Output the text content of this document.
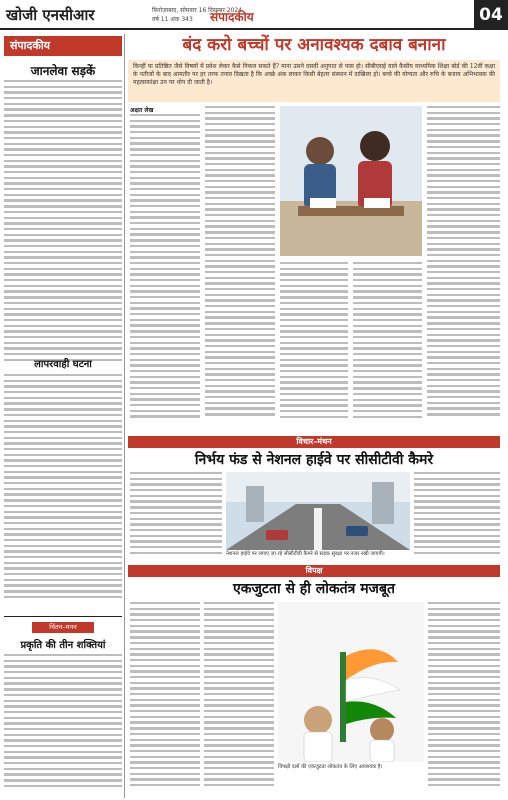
खोजी एनसीआर	फिरोज़ाबाद, सोमवार 16 दिसम्बर 2024
वर्ष 11 अंक 343	संपादकीय	04
संपादकीय
जानलेवा सड़कें
लापरवाही घटना
चिंतन–मनन
प्रकृति की तीन शक्तियां
बंद करो बच्चों पर अनावश्यक दबाव बनाना
किन्हीं या प्रतिष्ठित जैसे विषयों में प्रवेश लेकर कैसे निकल सकते हैं? माना उसने दसवीं अनुपात से पास हो। सीबीएसई वाले कैसीय माध्यमिक शिक्षा बोर्ड की 12वीं कक्षा के नतीजों के बाद आमतौर पर हर तरफ तनाव दिखता है कि अच्छे अंक लाकर किसी बेहतर संस्थान में दाखिला हो। बच्चे की योग्यता और रुचि के बजाय अभिभावक की महत्वाकांक्षा उन पर थोप दी जाती है।
अक्षत लेख
विचार–मंथन
निर्भय फंड से नेशनल हाईवे पर सीसीटीवी कैमरे
नेशनल हाईवे पर लगाए जा रहे सीसीटीवी कैमरे से सड़क सुरक्षा पर नजर रखी जाएगी।
विपक्ष
एकजुटता से ही लोकतंत्र मजबूत
विपक्षी दलों की एकजुटता लोकतंत्र के लिए आवश्यक है।
